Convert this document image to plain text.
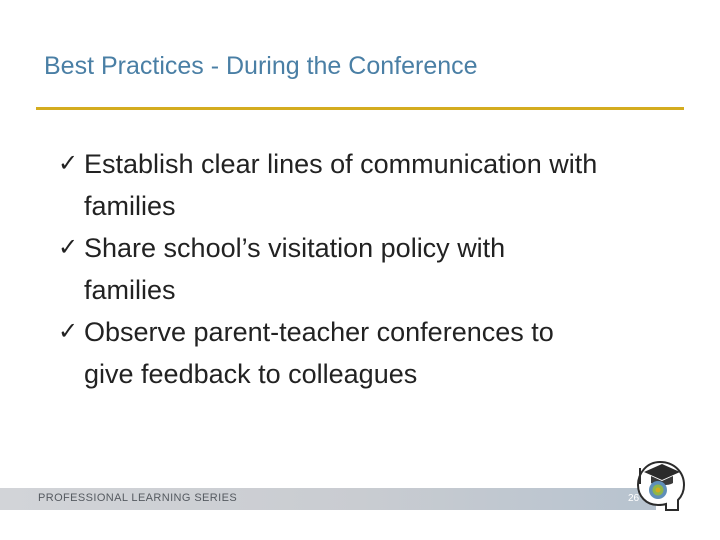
Best Practices - During the Conference
✓ Establish clear lines of communication with
families
✓ Share school’s visitation policy with
families
✓ Observe parent-teacher conferences to
give feedback to colleagues
PROFESSIONAL LEARNING SERIES	26
